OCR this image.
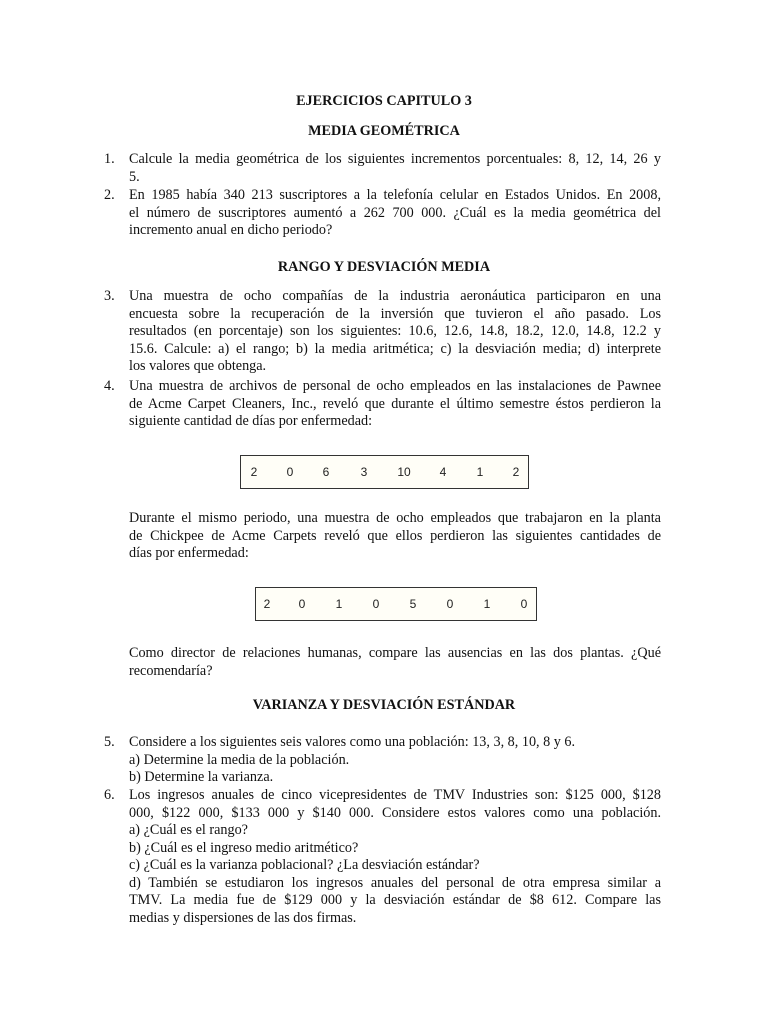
EJERCICIOS CAPITULO 3
MEDIA GEOMÉTRICA
1.	Calcule la media geométrica de los siguientes incrementos porcentuales: 8, 12, 14, 26 y
5.
2.	En 1985 había 340 213 suscriptores a la telefonía celular en Estados Unidos. En 2008,
el número de suscriptores aumentó a 262 700 000. ¿Cuál es la media geométrica del
incremento anual en dicho periodo?
RANGO Y DESVIACIÓN MEDIA
3.	Una muestra de ocho compañías de la industria aeronáutica participaron en una
encuesta sobre la recuperación de la inversión que tuvieron el año pasado. Los
resultados (en porcentaje) son los siguientes: 10.6, 12.6, 14.8, 18.2, 12.0, 14.8, 12.2 y
15.6. Calcule: a) el rango; b) la media aritmética; c) la desviación media; d) interprete
los valores que obtenga.
4.	Una muestra de archivos de personal de ocho empleados en las instalaciones de Pawnee
de Acme Carpet Cleaners, Inc., reveló que durante el último semestre éstos perdieron la
siguiente cantidad de días por enfermedad:
2	0	6	3	10	4	1	2
Durante el mismo periodo, una muestra de ocho empleados que trabajaron en la planta
de Chickpee de Acme Carpets reveló que ellos perdieron las siguientes cantidades de
días por enfermedad:
2	0	1	0	5	0	1	0
Como director de relaciones humanas, compare las ausencias en las dos plantas. ¿Qué
recomendaría?
VARIANZA Y DESVIACIÓN ESTÁNDAR
5.	Considere a los siguientes seis valores como una población: 13, 3, 8, 10, 8 y 6.
a) Determine la media de la población.
b) Determine la varianza.
6.	Los ingresos anuales de cinco vicepresidentes de TMV Industries son: $125 000, $128
000, $122 000, $133 000 y $140 000. Considere estos valores como una población.
a) ¿Cuál es el rango?
b) ¿Cuál es el ingreso medio aritmético?
c) ¿Cuál es la varianza poblacional? ¿La desviación estándar?
d) También se estudiaron los ingresos anuales del personal de otra empresa similar a
TMV. La media fue de $129 000 y la desviación estándar de $8 612. Compare las
medias y dispersiones de las dos firmas.
